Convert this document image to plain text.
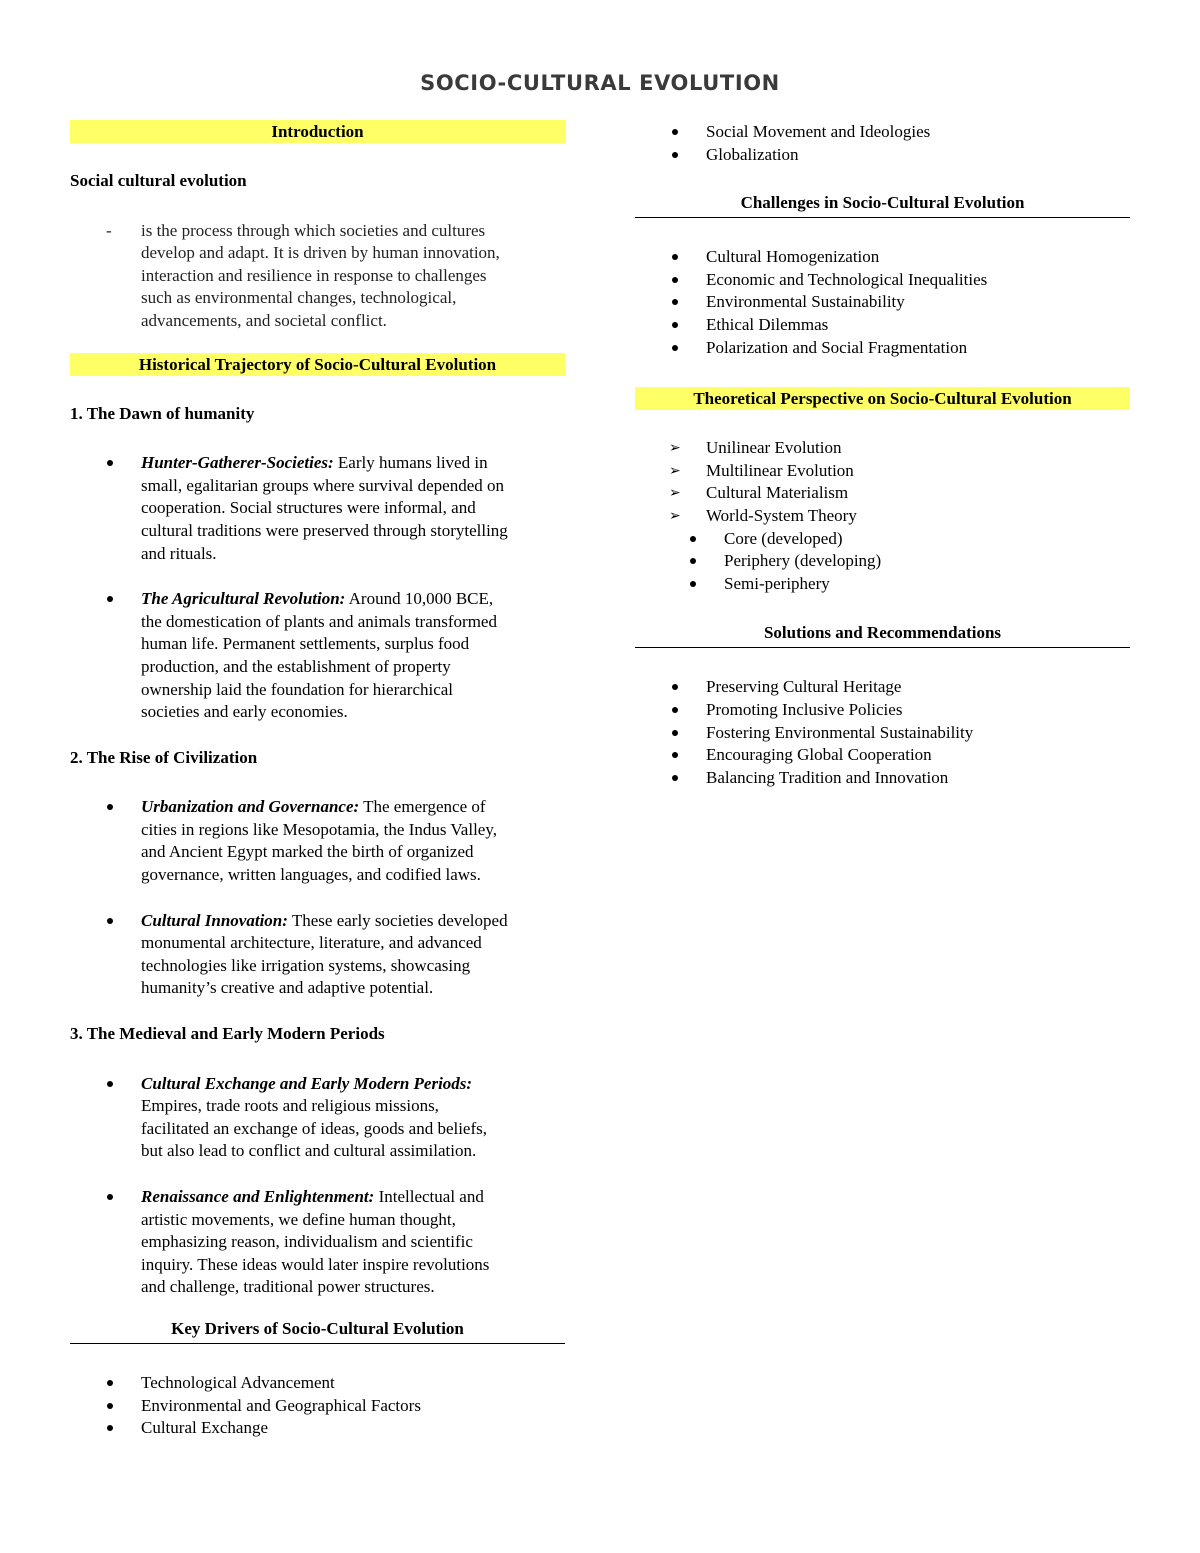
SOCIO-CULTURAL EVOLUTION
Introduction
Social cultural evolution
- is the process through which societies and cultures
develop and adapt. It is driven by human innovation,
interaction and resilience in response to challenges
such as environmental changes, technological,
advancements, and societal conflict.
Historical Trajectory of Socio-Cultural Evolution
1. The Dawn of humanity
Hunter-Gatherer-Societies: Early humans lived in
small, egalitarian groups where survival depended on
cooperation. Social structures were informal, and
cultural traditions were preserved through storytelling
and rituals.
The Agricultural Revolution: Around 10,000 BCE,
the domestication of plants and animals transformed
human life. Permanent settlements, surplus food
production, and the establishment of property
ownership laid the foundation for hierarchical
societies and early economies.
2. The Rise of Civilization
Urbanization and Governance: The emergence of
cities in regions like Mesopotamia, the Indus Valley,
and Ancient Egypt marked the birth of organized
governance, written languages, and codified laws.
Cultural Innovation: These early societies developed
monumental architecture, literature, and advanced
technologies like irrigation systems, showcasing
humanity’s creative and adaptive potential.
3. The Medieval and Early Modern Periods
Cultural Exchange and Early Modern Periods:
Empires, trade roots and religious missions,
facilitated an exchange of ideas, goods and beliefs,
but also lead to conflict and cultural assimilation.
Renaissance and Enlightenment: Intellectual and
artistic movements, we define human thought,
emphasizing reason, individualism and scientific
inquiry. These ideas would later inspire revolutions
and challenge, traditional power structures.
Key Drivers of Socio-Cultural Evolution
Technological Advancement
Environmental and Geographical Factors
Cultural Exchange
Social Movement and Ideologies
Globalization
Challenges in Socio-Cultural Evolution
Cultural Homogenization
Economic and Technological Inequalities
Environmental Sustainability
Ethical Dilemmas
Polarization and Social Fragmentation
Theoretical Perspective on Socio-Cultural Evolution
➢ Unilinear Evolution
➢ Multilinear Evolution
➢ Cultural Materialism
➢ World-System Theory
Core (developed)
Periphery (developing)
Semi-periphery
Solutions and Recommendations
Preserving Cultural Heritage
Promoting Inclusive Policies
Fostering Environmental Sustainability
Encouraging Global Cooperation
Balancing Tradition and Innovation
